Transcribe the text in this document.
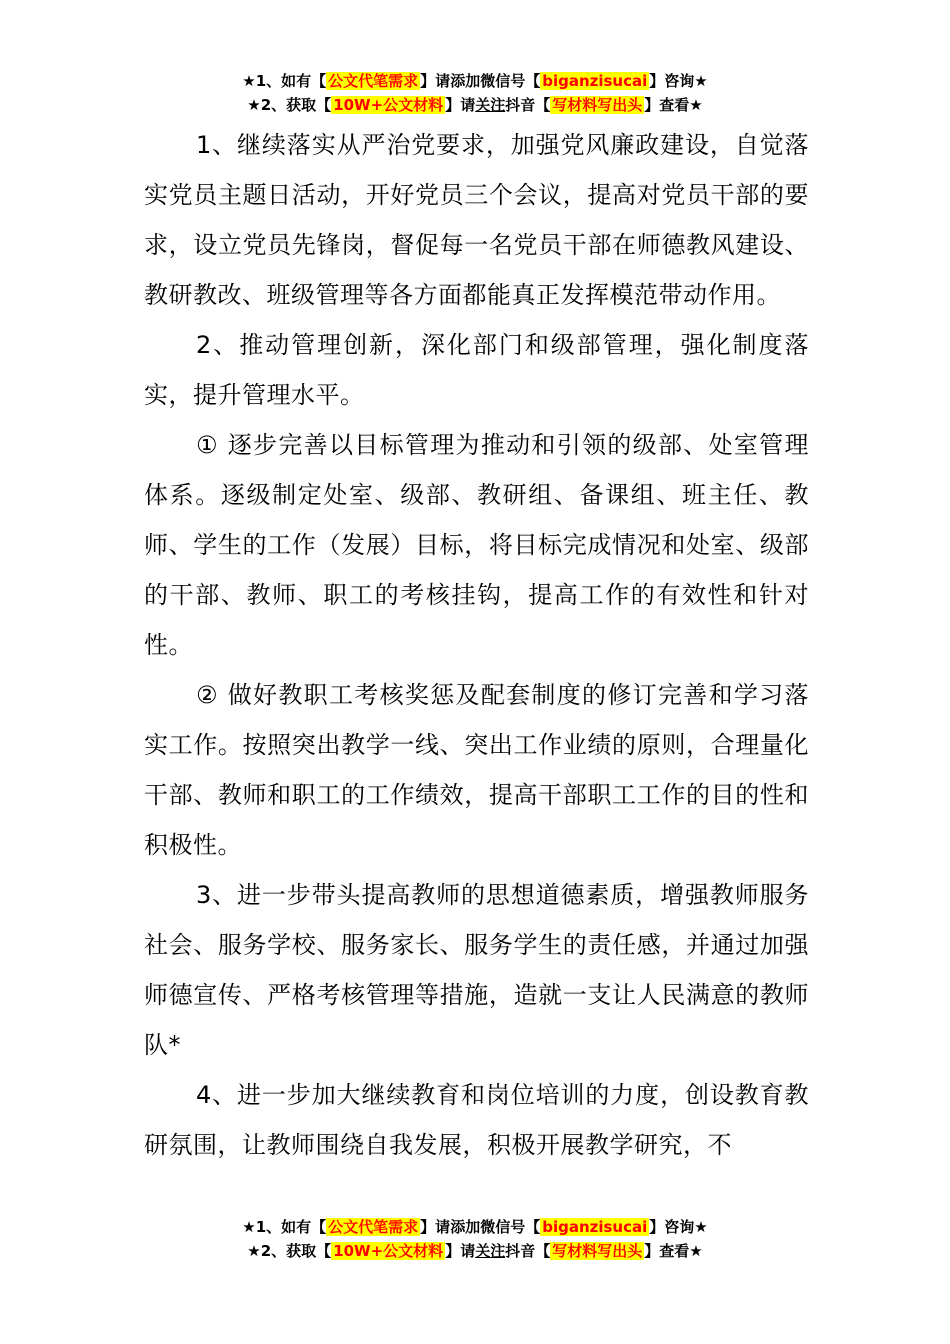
★1、如有【 公文代笔需求 】请添加微信号【 biganzisucai 】咨询★
★2、获取【 10W+公文材料 】请关注抖音【 写材料写出头 】查看★

1、继续落实从严治党要求，加强党风廉政建设，自觉落实党员主题日活动，开好党员三个会议，提高对党员干部的要求，设立党员先锋岗，督促每一名党员干部在师德教风建设、教研教改、班级管理等各方面都能真正发挥模范带动作用。

2、推动管理创新，深化部门和级部管理，强化制度落实，提升管理水平。

① 逐步完善以目标管理为推动和引领的级部、处室管理体系。逐级制定处室、级部、教研组、备课组、班主任、教师、学生的工作（发展）目标，将目标完成情况和处室、级部的干部、教师、职工的考核挂钩，提高工作的有效性和针对性。

② 做好教职工考核奖惩及配套制度的修订完善和学习落实工作。按照突出教学一线、突出工作业绩的原则，合理量化干部、教师和职工的工作绩效，提高干部职工工作的目的性和积极性。

3、进一步带头提高教师的思想道德素质，增强教师服务社会、服务学校、服务家长、服务学生的责任感，并通过加强师德宣传、严格考核管理等措施，造就一支让人民满意的教师队*

4、进一步加大继续教育和岗位培训的力度，创设教育教研氛围，让教师围绕自我发展，积极开展教学研究，不

★1、如有【 公文代笔需求 】请添加微信号【 biganzisucai 】咨询★
★2、获取【 10W+公文材料 】请关注抖音【 写材料写出头 】查看★
